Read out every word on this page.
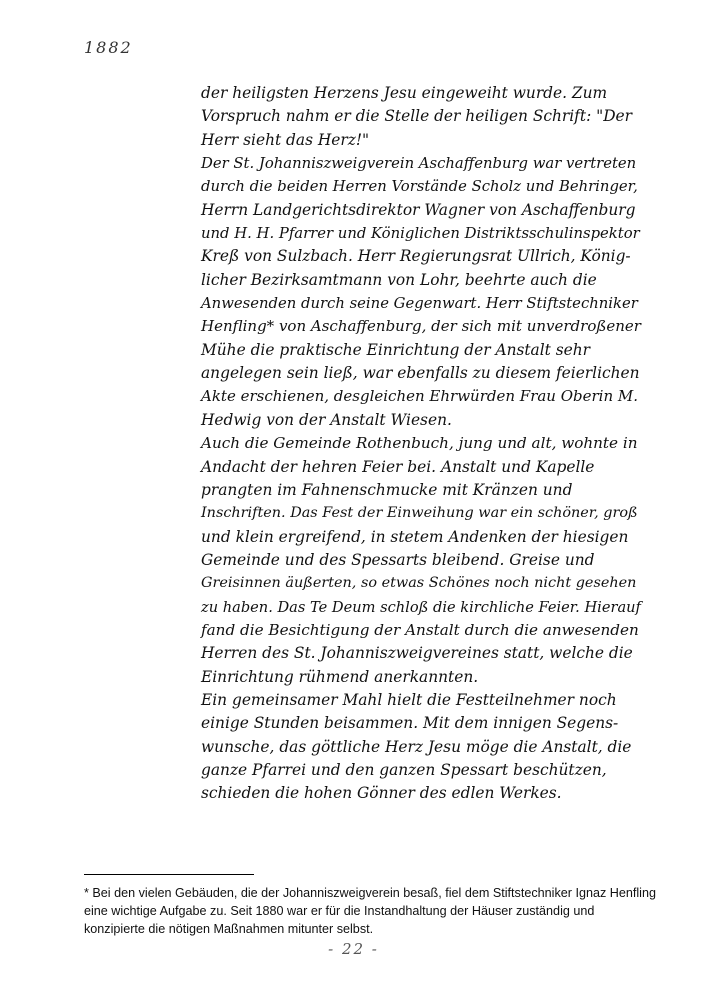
1882
der heiligsten Herzens Jesu eingeweiht wurde. Zum
Vorspruch nahm er die Stelle der heiligen Schrift: "Der
Herr sieht das Herz!"
Der St. Johanniszweigverein Aschaffenburg war vertreten
durch die beiden Herren Vorstände Scholz und Behringer,
Herrn Landgerichtsdirektor Wagner von Aschaffenburg
und H. H. Pfarrer und Königlichen Distriktsschulinspektor
Kreß von Sulzbach. Herr Regierungsrat Ullrich, König-
licher Bezirksamtmann von Lohr, beehrte auch die
Anwesenden durch seine Gegenwart. Herr Stiftstechniker
Henfling* von Aschaffenburg, der sich mit unverdroßener
Mühe die praktische Einrichtung der Anstalt sehr
angelegen sein ließ, war ebenfalls zu diesem feierlichen
Akte erschienen, desgleichen Ehrwürden Frau Oberin M.
Hedwig von der Anstalt Wiesen.
Auch die Gemeinde Rothenbuch, jung und alt, wohnte in
Andacht der hehren Feier bei. Anstalt und Kapelle
prangten im Fahnenschmucke mit Kränzen und
Inschriften. Das Fest der Einweihung war ein schöner, groß
und klein ergreifend, in stetem Andenken der hiesigen
Gemeinde und des Spessarts bleibend. Greise und
Greisinnen äußerten, so etwas Schönes noch nicht gesehen
zu haben. Das Te Deum schloß die kirchliche Feier. Hierauf
fand die Besichtigung der Anstalt durch die anwesenden
Herren des St. Johanniszweigvereines statt, welche die
Einrichtung rühmend anerkannten.
Ein gemeinsamer Mahl hielt die Festteilnehmer noch
einige Stunden beisammen. Mit dem innigen Segens-
wunsche, das göttliche Herz Jesu möge die Anstalt, die
ganze Pfarrei und den ganzen Spessart beschützen,
schieden die hohen Gönner des edlen Werkes.
* Bei den vielen Gebäuden, die der Johanniszweigverein besaß, fiel dem Stiftstechniker Ignaz Henfling
eine wichtige Aufgabe zu. Seit 1880 war er für die Instandhaltung der Häuser zuständig und
konzipierte die nötigen Maßnahmen mitunter selbst.
- 22 -
